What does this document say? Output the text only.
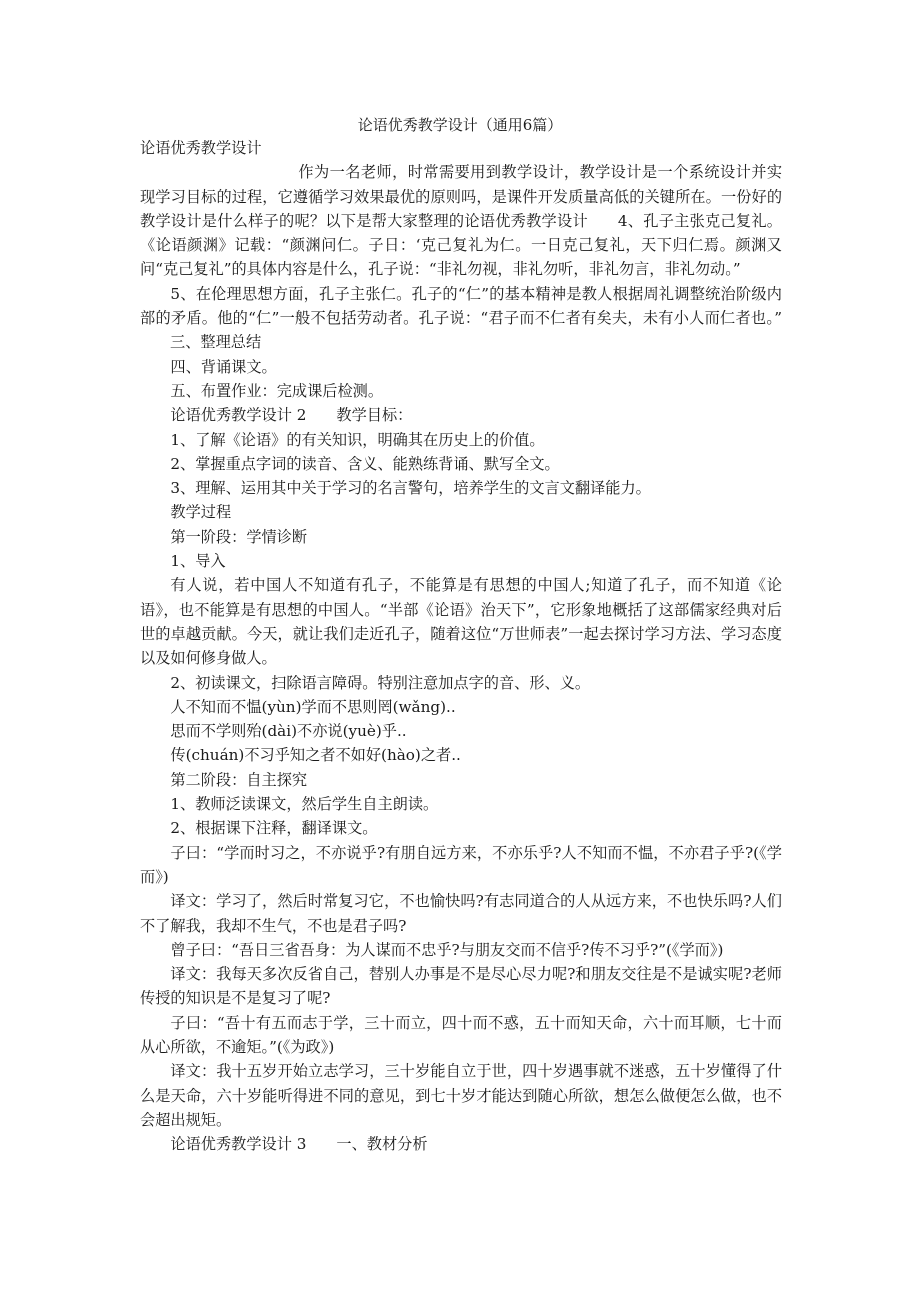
论语优秀教学设计（通用6篇）

论语优秀教学设计

作为一名老师，时常需要用到教学设计，教学设计是一个系统设计并实现学习目标的过程，它遵循学习效果最优的原则吗，是课件开发质量高低的关键所在。一份好的教学设计是什么样子的呢？以下是帮大家整理的论语优秀教学设计 4、孔子主张克己复礼。《论语颜渊》记载：“颜渊问仁。子日：‘克己复礼为仁。一日克己复礼，天下归仁焉。颜渊又问“克己复礼”的具体内容是什么，孔子说：“非礼勿视，非礼勿听，非礼勿言，非礼勿动。”

5、在伦理思想方面，孔子主张仁。孔子的“仁”的基本精神是教人根据周礼调整统治阶级内部的矛盾。他的“仁”一般不包括劳动者。孔子说：“君子而不仁者有矣夫，未有小人而仁者也。”三、整理总结

四、背诵课文。

五、布置作业：完成课后检测。

论语优秀教学设计 2 教学目标：

1、了解《论语》的有关知识，明确其在历史上的价值。

2、掌握重点字词的读音、含义、能熟练背诵、默写全文。

3、理解、运用其中关于学习的名言警句，培养学生的文言文翻译能力。

教学过程

第一阶段：学情诊断

1、导入

有人说，若中国人不知道有孔子，不能算是有思想的中国人;知道了孔子，而不知道《论语》，也不能算是有思想的中国人。“半部《论语》治天下”，它形象地概括了这部儒家经典对后世的卓越贡献。今天，就让我们走近孔子，随着这位“万世师表”一起去探讨学习方法、学习态度以及如何修身做人。

2、初读课文，扫除语言障碍。特别注意加点字的音、形、义。

人不知而不愠(yùn)学而不思则罔(wǎng)..

思而不学则殆(dài)不亦说(yuè)乎..

传(chuán)不习乎知之者不如好(hào)之者..

第二阶段：自主探究

1、教师泛读课文，然后学生自主朗读。

2、根据课下注释，翻译课文。

子曰：“学而时习之，不亦说乎?有朋自远方来，不亦乐乎?人不知而不愠，不亦君子乎?(《学而》)

译文：学习了，然后时常复习它，不也愉快吗?有志同道合的人从远方来，不也快乐吗?人们不了解我，我却不生气，不也是君子吗?

曾子曰：“吾日三省吾身：为人谋而不忠乎?与朋友交而不信乎?传不习乎?”(《学而》)

译文：我每天多次反省自己，替别人办事是不是尽心尽力呢?和朋友交往是不是诚实呢?老师传授的知识是不是复习了呢?

子曰：“吾十有五而志于学，三十而立，四十而不惑，五十而知天命，六十而耳顺，七十而从心所欲，不逾矩。”(《为政》)

译文：我十五岁开始立志学习，三十岁能自立于世，四十岁遇事就不迷惑，五十岁懂得了什么是天命，六十岁能听得进不同的意见，到七十岁才能达到随心所欲，想怎么做便怎么做，也不会超出规矩。

论语优秀教学设计 3 一、教材分析
